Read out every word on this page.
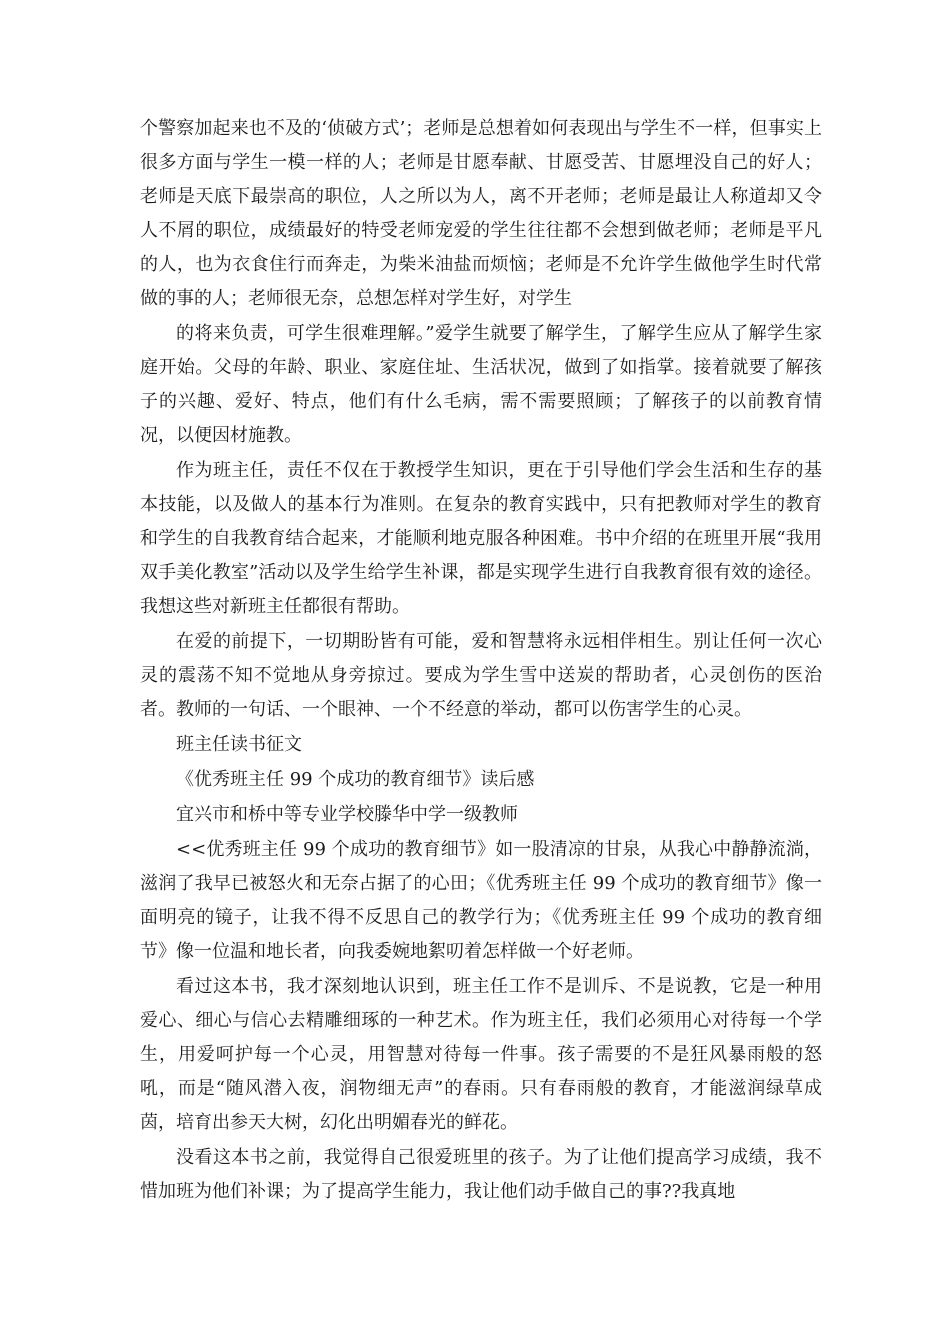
个警察加起来也不及的‘侦破方式’；老师是总想着如何表现出与学生不一样，但事实上很多方面与学生一模一样的人；老师是甘愿奉献、甘愿受苦、甘愿埋没自己的好人；老师是天底下最崇高的职位，人之所以为人，离不开老师；老师是最让人称道却又令人不屑的职位，成绩最好的特受老师宠爱的学生往往都不会想到做老师；老师是平凡的人，也为衣食住行而奔走，为柴米油盐而烦恼；老师是不允许学生做他学生时代常做的事的人；老师很无奈，总想怎样对学生好，对学生

的将来负责，可学生很难理解。”爱学生就要了解学生，了解学生应从了解学生家庭开始。父母的年龄、职业、家庭住址、生活状况，做到了如指掌。接着就要了解孩子的兴趣、爱好、特点，他们有什么毛病，需不需要照顾；了解孩子的以前教育情况，以便因材施教。

作为班主任，责任不仅在于教授学生知识，更在于引导他们学会生活和生存的基本技能，以及做人的基本行为准则。在复杂的教育实践中，只有把教师对学生的教育和学生的自我教育结合起来，才能顺利地克服各种困难。书中介绍的在班里开展“我用双手美化教室”活动以及学生给学生补课，都是实现学生进行自我教育很有效的途径。我想这些对新班主任都很有帮助。

在爱的前提下，一切期盼皆有可能，爱和智慧将永远相伴相生。别让任何一次心灵的震荡不知不觉地从身旁掠过。要成为学生雪中送炭的帮助者，心灵创伤的医治者。教师的一句话、一个眼神、一个不经意的举动，都可以伤害学生的心灵。

班主任读书征文

《优秀班主任 99 个成功的教育细节》读后感

宜兴市和桥中等专业学校滕华中学一级教师

<<优秀班主任 99 个成功的教育细节》如一股清凉的甘泉，从我心中静静流淌，滋润了我早已被怒火和无奈占据了的心田；《优秀班主任 99 个成功的教育细节》像一面明亮的镜子，让我不得不反思自己的教学行为；《优秀班主任 99 个成功的教育细节》像一位温和地长者，向我委婉地絮叨着怎样做一个好老师。

看过这本书，我才深刻地认识到，班主任工作不是训斥、不是说教，它是一种用爱心、细心与信心去精雕细琢的一种艺术。作为班主任，我们必须用心对待每一个学生，用爱呵护每一个心灵，用智慧对待每一件事。孩子需要的不是狂风暴雨般的怒吼，而是“随风潜入夜，润物细无声”的春雨。只有春雨般的教育，才能滋润绿草成茵，培育出参天大树，幻化出明媚春光的鲜花。

没看这本书之前，我觉得自己很爱班里的孩子。为了让他们提高学习成绩，我不惜加班为他们补课；为了提高学生能力，我让他们动手做自己的事??我真地
